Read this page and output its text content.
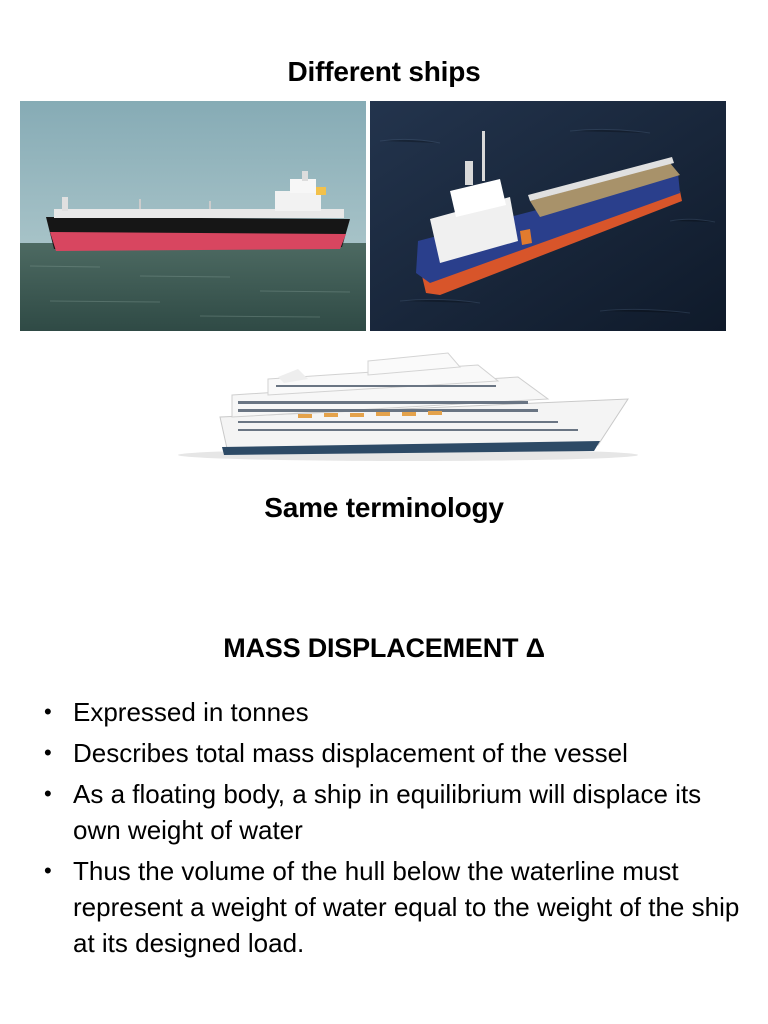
Different ships
Same terminology
MASS DISPLACEMENT Δ
• Expressed in tonnes
• Describes total mass displacement of the vessel
• As a floating body, a ship in equilibrium will displace its own weight of water
• Thus the volume of the hull below the waterline must represent a weight of water equal to the weight of the ship at its designed load.
